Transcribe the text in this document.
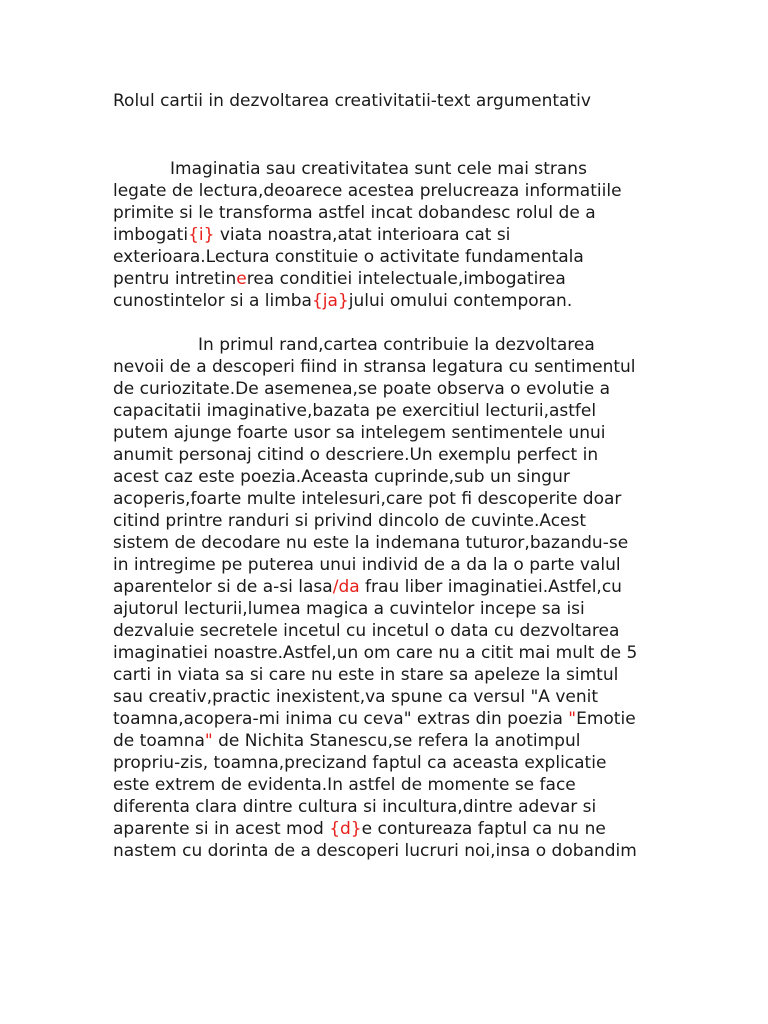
Rolul cartii in dezvoltarea creativitatii-text argumentativ
Imaginatia sau creativitatea sunt cele mai strans
legate de lectura,deoarece acestea prelucreaza informatiile
primite si le transforma astfel incat dobandesc rolul de a
imbogati{i} viata noastra,atat interioara cat si
exterioara.Lectura constituie o activitate fundamentala
pentru intretinerea conditiei intelectuale,imbogatirea
cunostintelor si a limba{ja}jului omului contemporan.
In primul rand,cartea contribuie la dezvoltarea
nevoii de a descoperi fiind in stransa legatura cu sentimentul
de curiozitate.De asemenea,se poate observa o evolutie a
capacitatii imaginative,bazata pe exercitiul lecturii,astfel
putem ajunge foarte usor sa intelegem sentimentele unui
anumit personaj citind o descriere.Un exemplu perfect in
acest caz este poezia.Aceasta cuprinde,sub un singur
acoperis,foarte multe intelesuri,care pot fi descoperite doar
citind printre randuri si privind dincolo de cuvinte.Acest
sistem de decodare nu este la indemana tuturor,bazandu-se
in intregime pe puterea unui individ de a da la o parte valul
aparentelor si de a-si lasa/da frau liber imaginatiei.Astfel,cu
ajutorul lecturii,lumea magica a cuvintelor incepe sa isi
dezvaluie secretele incetul cu incetul o data cu dezvoltarea
imaginatiei noastre.Astfel,un om care nu a citit mai mult de 5
carti in viata sa si care nu este in stare sa apeleze la simtul
sau creativ,practic inexistent,va spune ca versul "A venit
toamna,acopera-mi inima cu ceva" extras din poezia "Emotie
de toamna" de Nichita Stanescu,se refera la anotimpul
propriu-zis, toamna,precizand faptul ca aceasta explicatie
este extrem de evidenta.In astfel de momente se face
diferenta clara dintre cultura si incultura,dintre adevar si
aparente si in acest mod {d}e contureaza faptul ca nu ne
nastem cu dorinta de a descoperi lucruri noi,insa o dobandim
